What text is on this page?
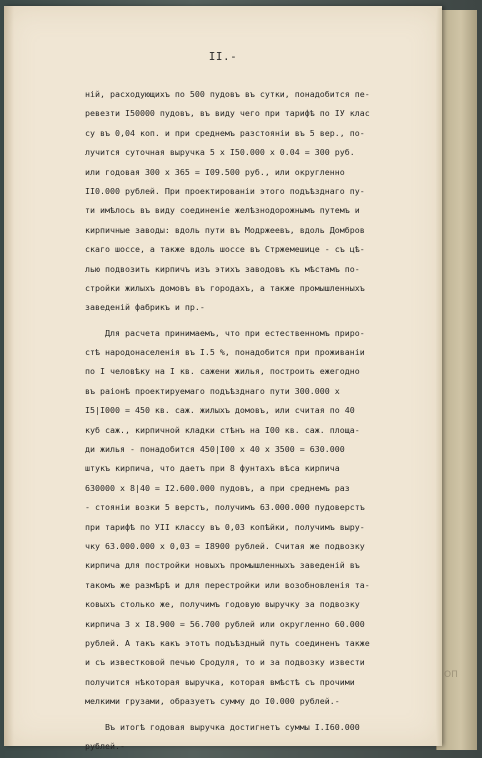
II.-
ній, расходующихъ по 500 пудовъ въ сутки, понадобится пе-
ревезти I50000 пудовъ, въ виду чего при тарифѣ по IУ клас
су въ 0,04 коп. и при среднемъ разстояніи въ 5 вер., по-
лучится суточная выручка 5 х I50.000 х 0.04 = 300 руб.
или годовая 300 х 365 = I09.500 руб., или округленно
II0.000 рублей. При проектированіи этого подъѣзднаго пу-
ти имѣлось въ виду соединеніе желѣзнодорожнымъ путемъ и
кирпичные заводы: вдоль пути въ Модржеевъ, вдоль Домбров
скаго шоссе, а также вдоль шоссе въ Стржемешице - съ цѣ-
лью подвозить кирпичъ изъ этихъ заводовъ къ мѣстамъ по-
стройки жилыхъ домовъ въ городахъ, а также промышленныхъ
заведеній фабрикъ и пр.-
Для расчета принимаемъ, что при естественномъ приро-
стѣ народонаселенія въ I.5 %, понадобится при проживаніи
по I человѣку на I кв. сажени жилья, построить ежегодно
въ раіонѣ проектируемаго подъѣзднаго пути 300.000 х
I5|I000 = 450 кв. саж. жилыхъ домовъ, или считая по 40
куб саж., кирпичной кладки стѣнъ на I00 кв. саж. площа-
ди жилья - понадобится 450|I00 х 40 х 3500 = 630.000
штукъ кирпича, что даетъ при 8 фунтахъ вѣса кирпича
630000 х 8|40 = I2.600.000 пудовъ, а при среднемъ раз
- стояніи возки 5 верстъ, получимъ 63.000.000 пудоверстъ
при тарифѣ по УII классу въ 0,03 копѣйки, получимъ выру-
чку 63.000.000 х 0,03 = I8900 рублей. Считая же подвозку
кирпича для постройки новыхъ промышленныхъ заведеній въ
такомъ же размѣрѣ и для перестройки или возобновленія та-
ковыхъ столько же, получимъ годовую выручку за подвозку
кирпича 3 х I8.900 = 56.700 рублей или округленно 60.000
рублей. А такъ какъ этотъ подъѣздный путь соединенъ также
и съ известковой печью Сродуля, то и за подвозку извести
получится нѣкоторая выручка, которая вмѣстѣ съ прочими
мелкими грузами, образуетъ сумму до I0.000 рублей.-
Въ итогѣ годовая выручка достигнетъ суммы I.I60.000
рублей.-
ОП
